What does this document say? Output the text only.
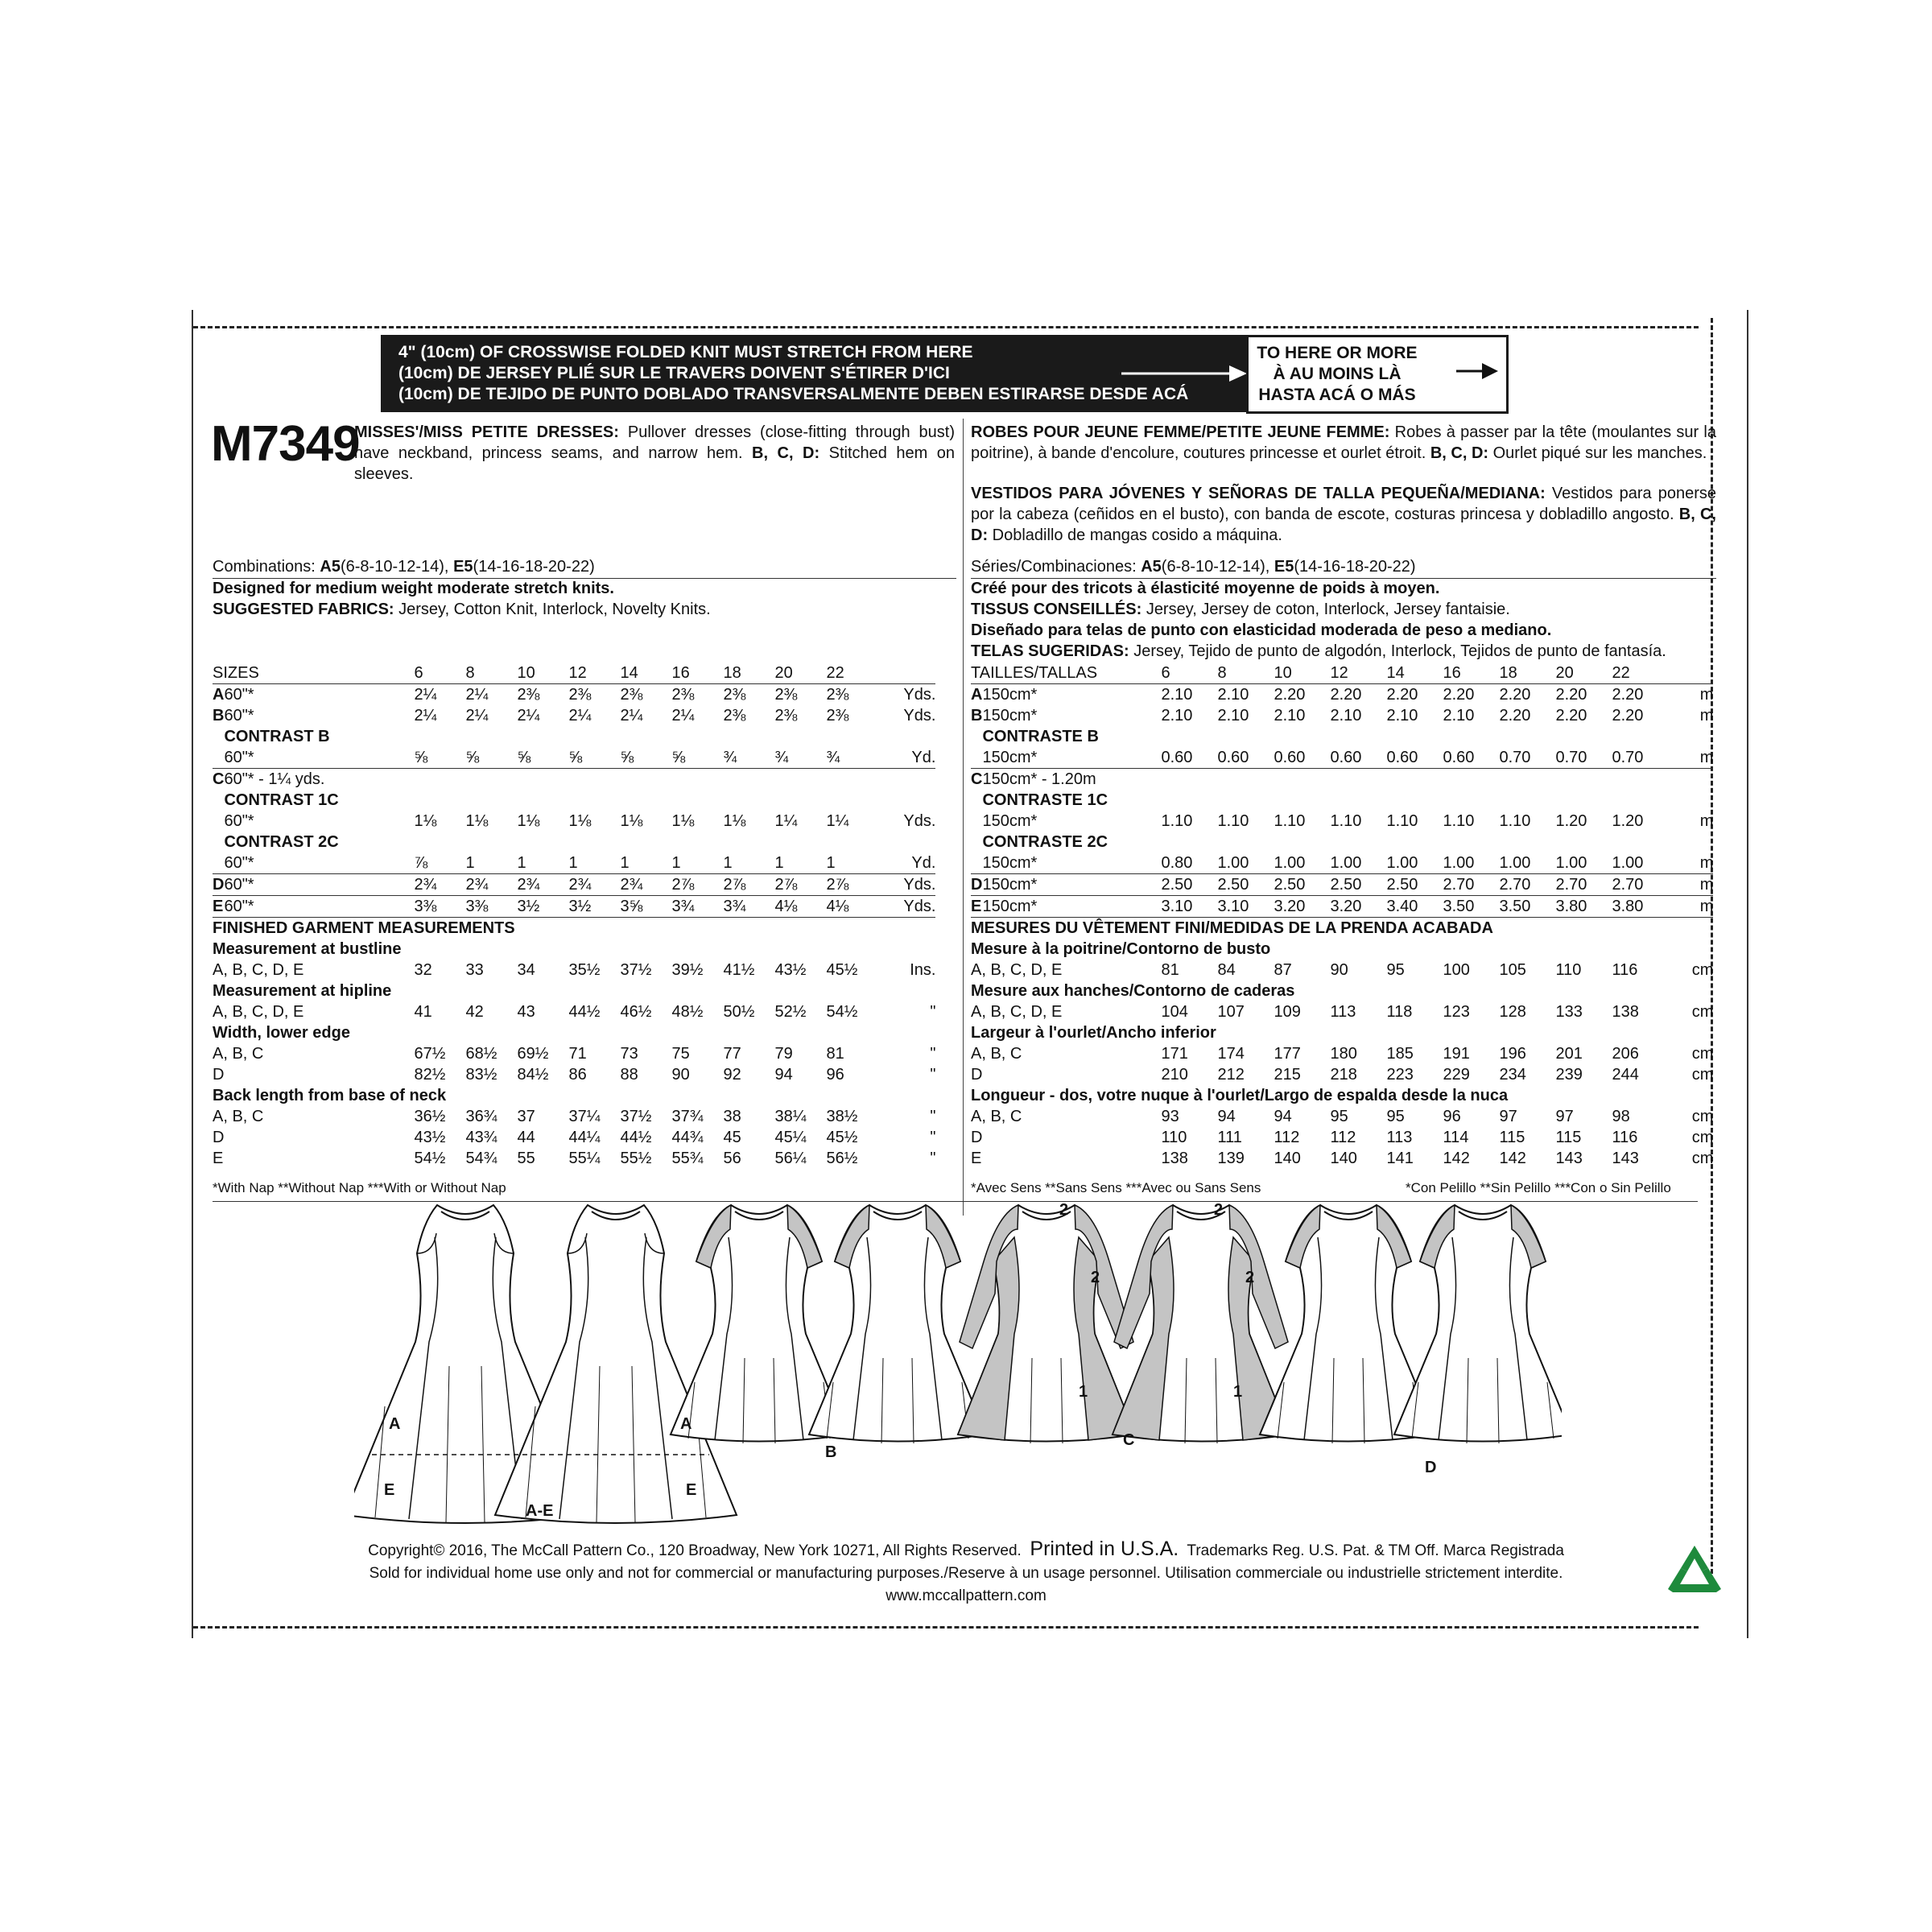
4" (10cm) OF CROSSWISE FOLDED KNIT MUST STRETCH FROM HERE
(10cm) DE JERSEY PLIÉ SUR LE TRAVERS DOIVENT S'ÉTIRER D'ICI
(10cm) DE TEJIDO DE PUNTO DOBLADO TRANSVERSALMENTE DEBEN ESTIRARSE DESDE ACÁ
TO HERE OR MORE
À AU MOINS LÀ
HASTA ACÁ O MÁS
M7349
MISSES'/MISS PETITE DRESSES: Pullover dresses (close-fitting through bust) have neckband, princess seams, and narrow hem. B, C, D: Stitched hem on sleeves.
Combinations: A5(6-8-10-12-14), E5(14-16-18-20-22)
Designed for medium weight moderate stretch knits.
SUGGESTED FABRICS: Jersey, Cotton Knit, Interlock, Novelty Knits.
ROBES POUR JEUNE FEMME/PETITE JEUNE FEMME: Robes à passer par la tête (moulantes sur la poitrine), à bande d'encolure, coutures princesse et ourlet étroit. B, C, D: Ourlet piqué sur les manches.
VESTIDOS PARA JÓVENES Y SEÑORAS DE TALLA PEQUEÑA/MEDIANA: Vestidos para ponerse por la cabeza (ceñidos en el busto), con banda de escote, costuras princesa y dobladillo angosto. B, C, D: Dobladillo de mangas cosido a máquina.
Séries/Combinaciones: A5(6-8-10-12-14), E5(14-16-18-20-22)
Créé pour des tricots à élasticité moyenne de poids à moyen.
TISSUS CONSEILLÉS: Jersey, Jersey de coton, Interlock, Jersey fantaisie.
Diseñado para telas de punto con elasticidad moderada de peso a mediano.
TELAS SUGERIDAS: Jersey, Tejido de punto de algodón, Interlock, Tejidos de punto de fantasía.
SIZES		6	8	10	12	14	16	18	20	22	
A	60"*	2¼	2¼	2⅜	2⅜	2⅜	2⅜	2⅜	2⅜	2⅜	Yds.
B	60"*	2¼	2¼	2¼	2¼	2¼	2¼	2⅜	2⅜	2⅜	Yds.
	CONTRAST B										
	60"*	⅝	⅝	⅝	⅝	⅝	⅝	¾	¾	¾	Yd.
C	60"* - 1¼ yds.										
	CONTRAST 1C										
	60"*	1⅛	1⅛	1⅛	1⅛	1⅛	1⅛	1⅛	1¼	1¼	Yds.
	CONTRAST 2C										
	60"*	⅞	1	1	1	1	1	1	1	1	Yd.
D	60"*	2¾	2¾	2¾	2¾	2¾	2⅞	2⅞	2⅞	2⅞	Yds.
E	60"*	3⅜	3⅜	3½	3½	3⅝	3¾	3¾	4⅛	4⅛	Yds.
FINISHED GARMENT MEASUREMENTS											
Measurement at bustline											
A, B, C, D, E		32	33	34	35½	37½	39½	41½	43½	45½	Ins.
Measurement at hipline											
A, B, C, D, E		41	42	43	44½	46½	48½	50½	52½	54½	"
Width, lower edge											
A, B, C		67½	68½	69½	71	73	75	77	79	81	"
D		82½	83½	84½	86	88	90	92	94	96	"
Back length from base of neck											
A, B, C		36½	36¾	37	37¼	37½	37¾	38	38¼	38½	"
D		43½	43¾	44	44¼	44½	44¾	45	45¼	45½	"
E		54½	54¾	55	55¼	55½	55¾	56	56¼	56½	"
TAILLES/TALLAS		6	8	10	12	14	16	18	20	22	
A	150cm*	2.10	2.10	2.20	2.20	2.20	2.20	2.20	2.20	2.20	m
B	150cm*	2.10	2.10	2.10	2.10	2.10	2.10	2.20	2.20	2.20	m
	CONTRASTE B										
	150cm*	0.60	0.60	0.60	0.60	0.60	0.60	0.70	0.70	0.70	m
C	150cm* - 1.20m										
	CONTRASTE 1C										
	150cm*	1.10	1.10	1.10	1.10	1.10	1.10	1.10	1.20	1.20	m
	CONTRASTE 2C										
	150cm*	0.80	1.00	1.00	1.00	1.00	1.00	1.00	1.00	1.00	m
D	150cm*	2.50	2.50	2.50	2.50	2.50	2.70	2.70	2.70	2.70	m
E	150cm*	3.10	3.10	3.20	3.20	3.40	3.50	3.50	3.80	3.80	m
MESURES DU VÊTEMENT FINI/MEDIDAS DE LA PRENDA ACABADA											
Mesure à la poitrine/Contorno de busto											
A, B, C, D, E		81	84	87	90	95	100	105	110	116	cm
Mesure aux hanches/Contorno de caderas											
A, B, C, D, E		104	107	109	113	118	123	128	133	138	cm
Largeur à l'ourlet/Ancho inferior											
A, B, C		171	174	177	180	185	191	196	201	206	cm
D		210	212	215	218	223	229	234	239	244	cm
Longueur - dos, votre nuque à l'ourlet/Largo de espalda desde la nuca											
A, B, C		93	94	94	95	95	96	97	97	98	cm
D		110	111	112	112	113	114	115	115	116	cm
E		138	139	140	140	141	142	142	143	143	cm
*With Nap **Without Nap ***With or Without Nap	*Avec Sens **Sans Sens ***Avec ou Sans Sens	*Con Pelillo **Sin Pelillo ***Con o Sin Pelillo
A
E
A
E
A-E
B
2
2
1
C
2
2
1
D
Copyright© 2016, The McCall Pattern Co., 120 Broadway, New York 10271, All Rights Reserved. Printed in U.S.A. Trademarks Reg. U.S. Pat. & TM Off. Marca Registrada
Sold for individual home use only and not for commercial or manufacturing purposes./Reserve à un usage personnel. Utilisation commerciale ou industrielle strictement interdite.
www.mccallpattern.com
